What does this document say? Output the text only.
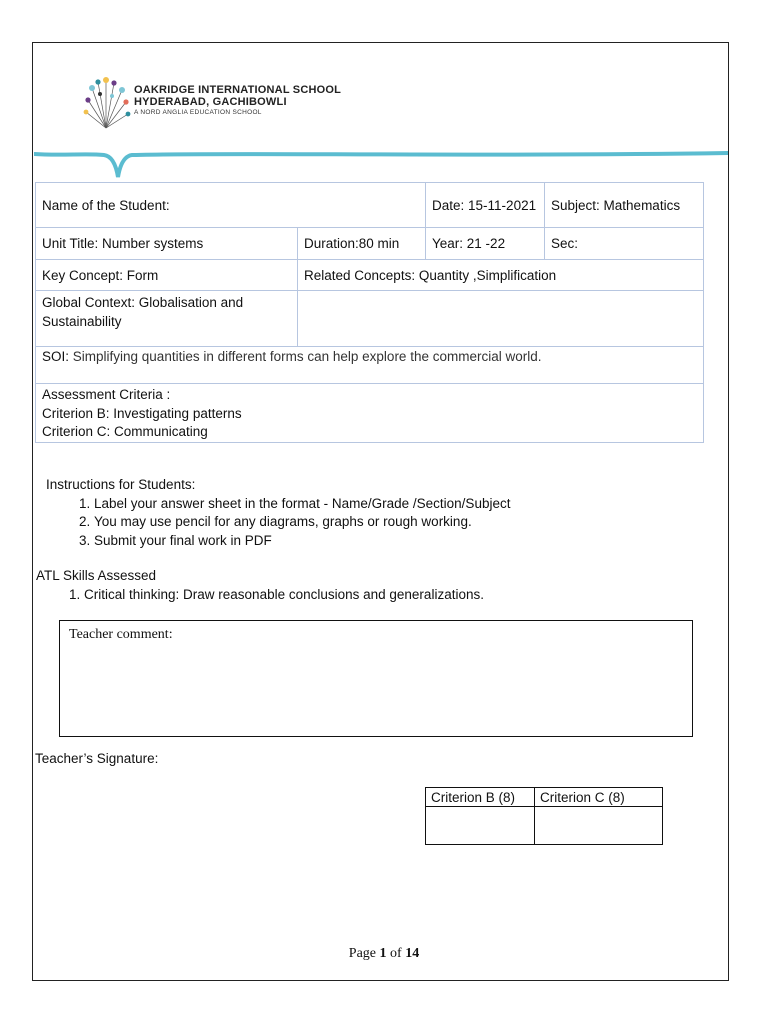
OAKRIDGE INTERNATIONAL SCHOOL
HYDERABAD, GACHIBOWLI
A NORD ANGLIA EDUCATION SCHOOL
Name of the Student:		Date: 15-11-2021	Subject: Mathematics
Unit Title: Number systems	Duration:80 min	Year: 21 -22	Sec:
Key Concept: Form	Related Concepts: Quantity ,Simplification		
Global Context: Globalisation and Sustainability			
SOI: Simplifying quantities in different forms can help explore the commercial world.			

Assessment Criteria :
Criterion B: Investigating patterns
Criterion C: Communicating			
Instructions for Students:
1. Label your answer sheet in the format - Name/Grade /Section/Subject
2. You may use pencil for any diagrams, graphs or rough working.
3. Submit your final work in PDF
ATL Skills Assessed
1. Critical thinking: Draw reasonable conclusions and generalizations.
Teacher comment:
Teacher’s Signature:
Criterion B (8)	Criterion C (8)

Page 1 of 14
